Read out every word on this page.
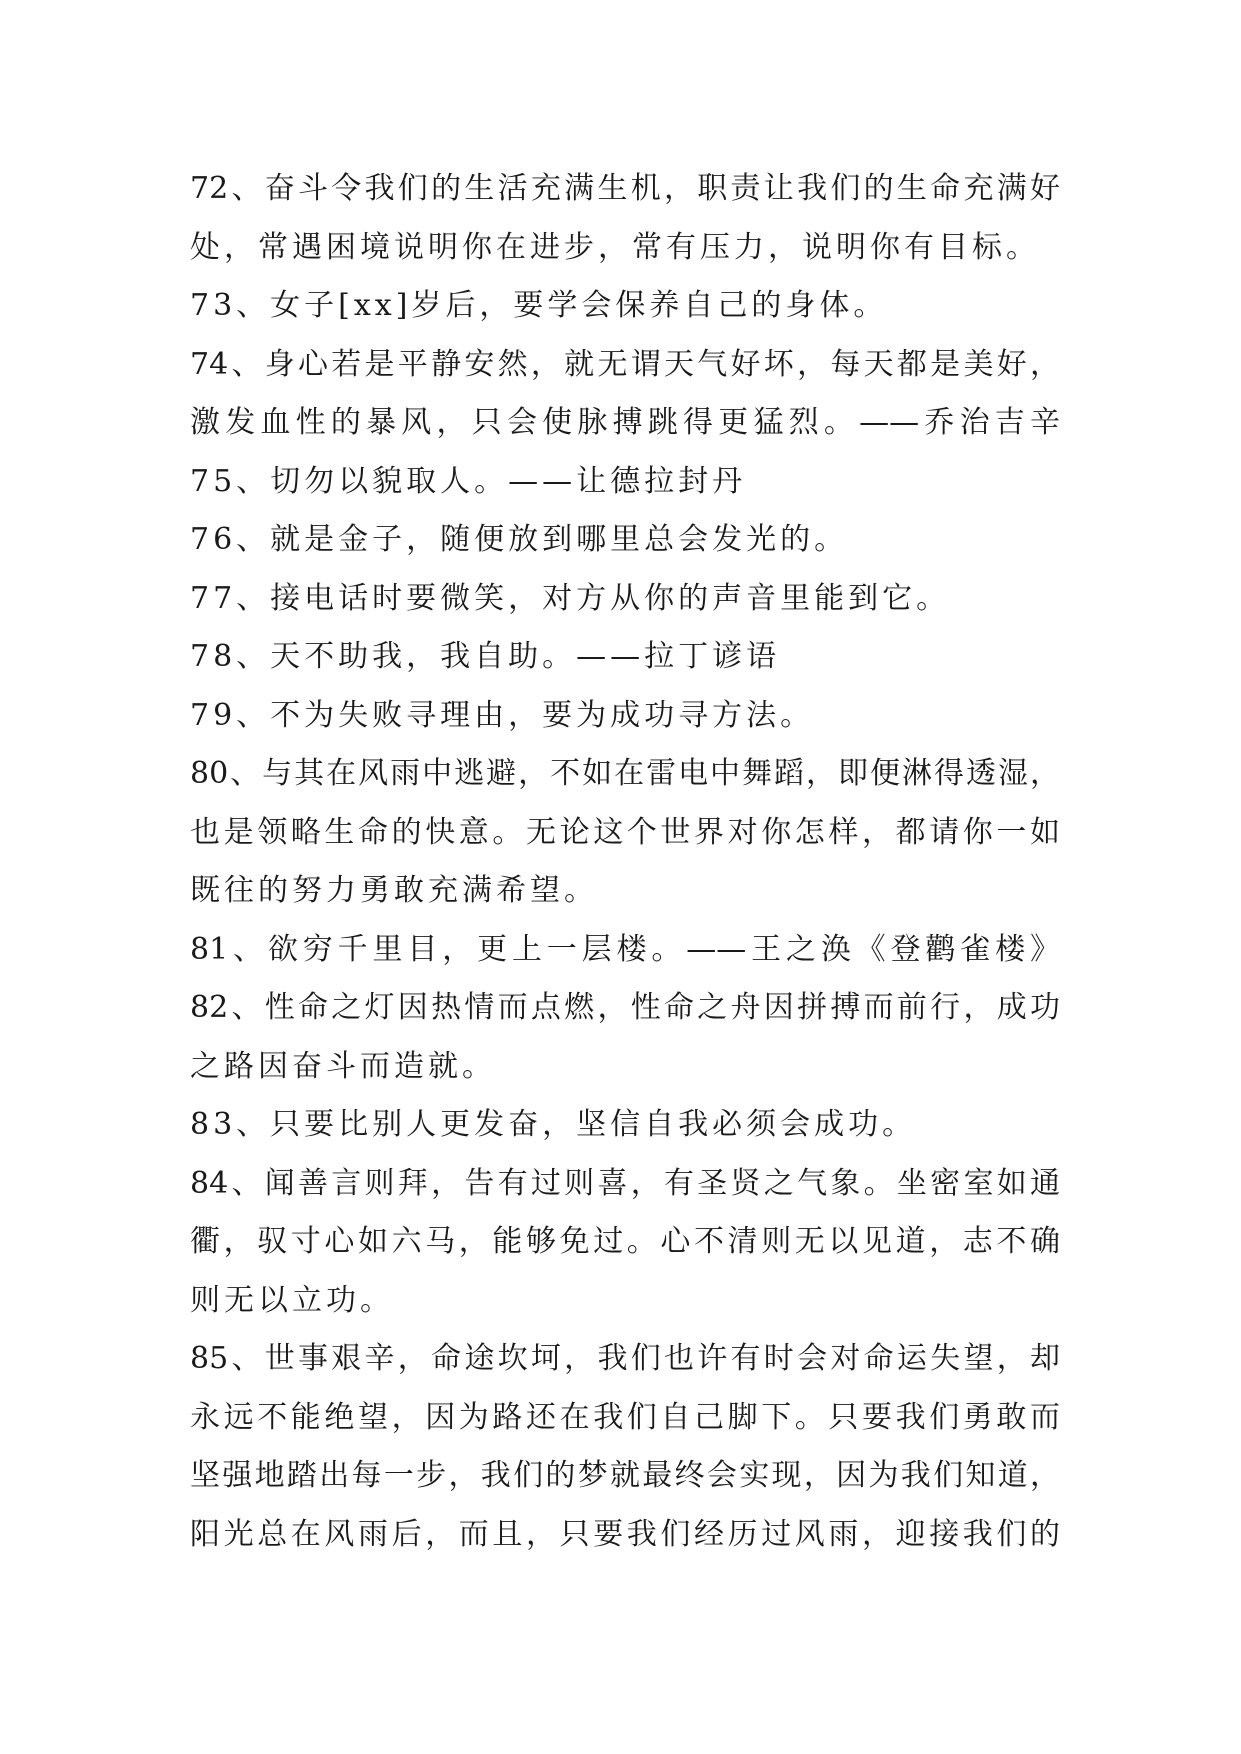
72、奋斗令我们的生活充满生机，职责让我们的生命充满好
处，常遇困境说明你在进步，常有压力，说明你有目标。
73、女子[xx]岁后，要学会保养自己的身体。
74、身心若是平静安然，就无谓天气好坏，每天都是美好，
激发血性的暴风，只会使脉搏跳得更猛烈。——乔治吉辛
75、切勿以貌取人。——让德拉封丹
76、就是金子，随便放到哪里总会发光的。
77、接电话时要微笑，对方从你的声音里能到它。
78、天不助我，我自助。——拉丁谚语
79、不为失败寻理由，要为成功寻方法。
80、与其在风雨中逃避，不如在雷电中舞蹈，即便淋得透湿，
也是领略生命的快意。无论这个世界对你怎样，都请你一如
既往的努力勇敢充满希望。
81、欲穷千里目，更上一层楼。——王之涣《登鹳雀楼》
82、性命之灯因热情而点燃，性命之舟因拼搏而前行，成功
之路因奋斗而造就。
83、只要比别人更发奋，坚信自我必须会成功。
84、闻善言则拜，告有过则喜，有圣贤之气象。坐密室如通
衢，驭寸心如六马，能够免过。心不清则无以见道，志不确
则无以立功。
85、世事艰辛，命途坎坷，我们也许有时会对命运失望，却
永远不能绝望，因为路还在我们自己脚下。只要我们勇敢而
坚强地踏出每一步，我们的梦就最终会实现，因为我们知道，
阳光总在风雨后，而且，只要我们经历过风雨，迎接我们的
